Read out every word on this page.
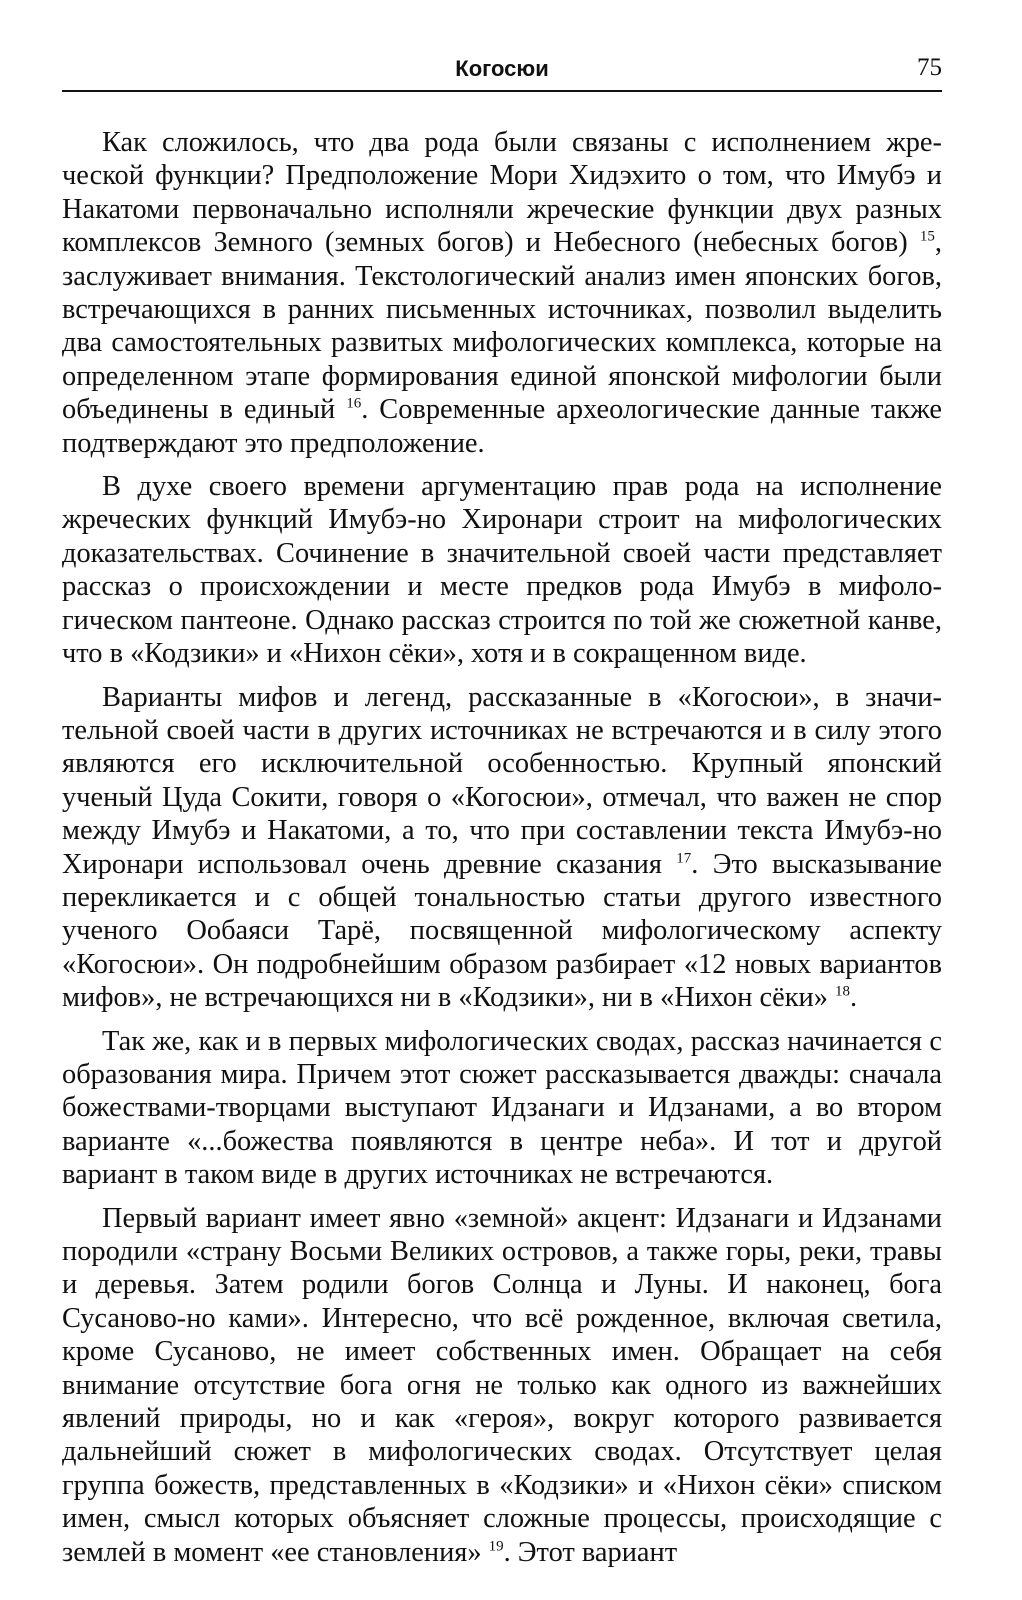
Когосюи	75

Как сложилось, что два рода были связаны с исполнением жреческой функции? Предположение Мори Хидэхито о том, что Имубэ и Накатоми первоначально исполняли жреческие функции двух разных комплексов Земного (земных богов) и Небесного (небесных богов) $^{15}$, заслуживает внимания. Текстологический анализ имен японских богов, встречающихся в ранних письменных источниках, позволил выделить два самостоятельных развитых мифологических комплекса, которые на определенном этапе формирования единой японской мифологии были объединены в единый $^{16}$. Современные археологические данные также подтверждают это предположение.

В духе своего времени аргументацию прав рода на исполнение жреческих функций Имубэ-но Хиронари строит на мифологических доказательствах. Сочинение в значительной своей части представляет рассказ о происхождении и месте предков рода Имубэ в мифологическом пантеоне. Однако рассказ строится по той же сюжетной канве, что в «Кодзики» и «Нихон сёки», хотя и в сокращенном виде.

Варианты мифов и легенд, рассказанные в «Когосюи», в значительной своей части в других источниках не встречаются и в силу этого являются его исключительной особенностью. Крупный японский ученый Цуда Сокити, говоря о «Когосюи», отмечал, что важен не спор между Имубэ и Накатоми, а то, что при составлении текста Имубэ-но Хиронари использовал очень древние сказания $^{17}$. Это высказывание перекликается и с общей тональностью статьи другого известного ученого Ообаяси Тарё, посвященной мифологическому аспекту «Когосюи». Он подробнейшим образом разбирает «12 новых вариантов мифов», не встречающихся ни в «Кодзики», ни в «Нихон сёки» $^{18}$.

Так же, как и в первых мифологических сводах, рассказ начинается с образования мира. Причем этот сюжет рассказывается дважды: сначала божествами-творцами выступают Идзанаги и Идзанами, а во втором варианте «...божества появляются в центре неба». И тот и другой вариант в таком виде в других источниках не встречаются.

Первый вариант имеет явно «земной» акцент: Идзанаги и Идзанами породили «страну Восьми Великих островов, а также горы, реки, травы и деревья. Затем родили богов Солнца и Луны. И наконец, бога Сусаново-но ками». Интересно, что всё рожденное, включая светила, кроме Сусаново, не имеет собственных имен. Обращает на себя внимание отсутствие бога огня не только как одного из важнейших явлений природы, но и как «героя», вокруг которого развивается дальнейший сюжет в мифологических сводах. Отсутствует целая группа божеств, представленных в «Кодзики» и «Нихон сёки» списком имен, смысл которых объясняет сложные процессы, происходящие с землей в момент «ее становления» $^{19}$. Этот вариант
